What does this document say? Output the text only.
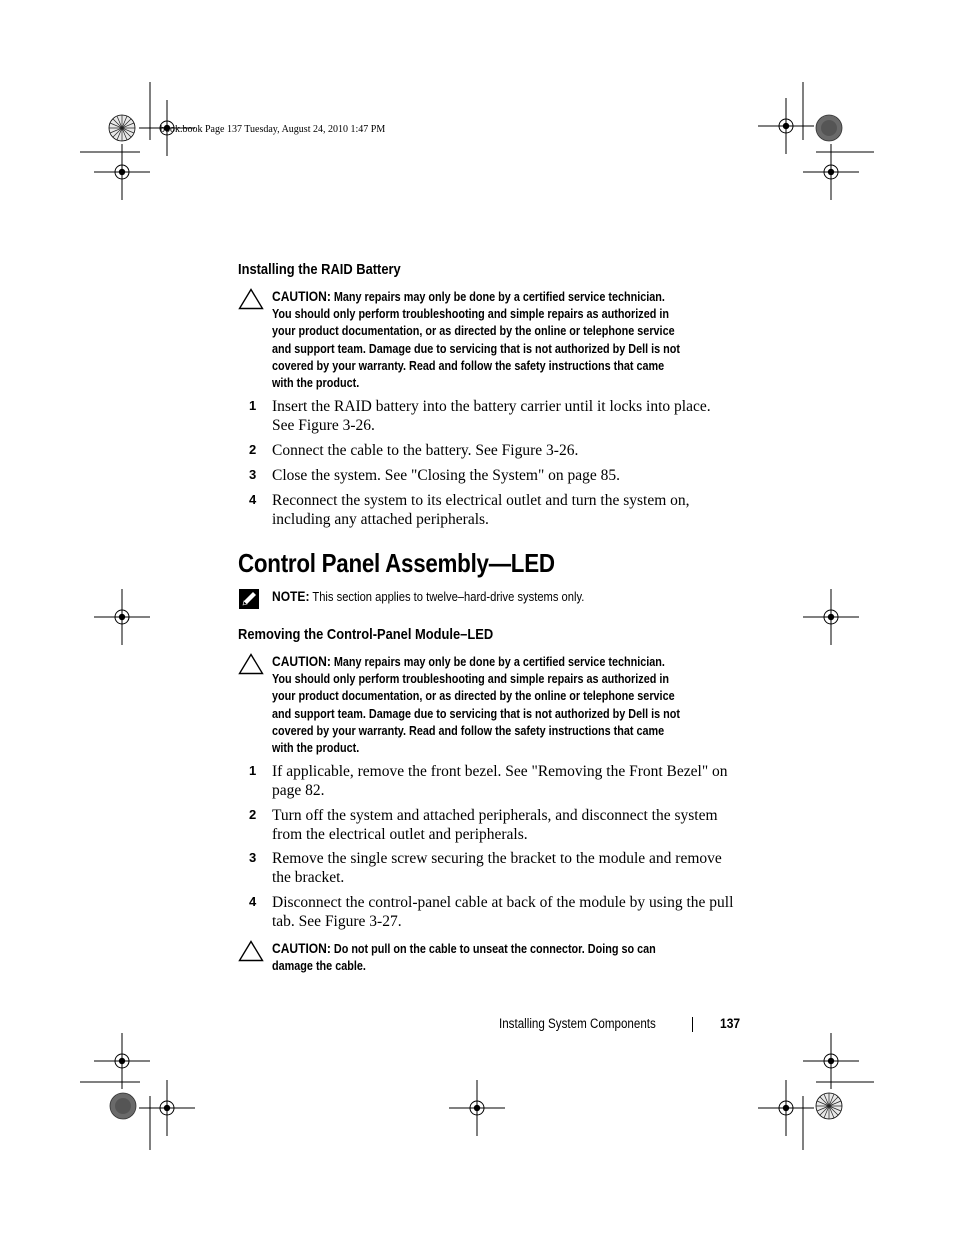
book.book Page 137 Tuesday, August 24, 2010 1:47 PM
Installing the RAID Battery
CAUTION: Many repairs may only be done by a certified service technician.
You should only perform troubleshooting and simple repairs as authorized in
your product documentation, or as directed by the online or telephone service
and support team. Damage due to servicing that is not authorized by Dell is not
covered by your warranty. Read and follow the safety instructions that came
with the product.
1 Insert the RAID battery into the battery carrier until it locks into place.
See Figure 3-26.
2 Connect the cable to the battery. See Figure 3-26.
3 Close the system. See "Closing the System" on page 85.
4 Reconnect the system to its electrical outlet and turn the system on,
including any attached peripherals.
Control Panel Assembly—LED
NOTE: This section applies to twelve–hard-drive systems only.
Removing the Control-Panel Module–LED
CAUTION: Many repairs may only be done by a certified service technician.
You should only perform troubleshooting and simple repairs as authorized in
your product documentation, or as directed by the online or telephone service
and support team. Damage due to servicing that is not authorized by Dell is not
covered by your warranty. Read and follow the safety instructions that came
with the product.
1 If applicable, remove the front bezel. See "Removing the Front Bezel" on
page 82.
2 Turn off the system and attached peripherals, and disconnect the system
from the electrical outlet and peripherals.
3 Remove the single screw securing the bracket to the module and remove
the bracket.
4 Disconnect the control-panel cable at back of the module by using the pull
tab. See Figure 3-27.
CAUTION: Do not pull on the cable to unseat the connector. Doing so can
damage the cable.
Installing System Components	137
